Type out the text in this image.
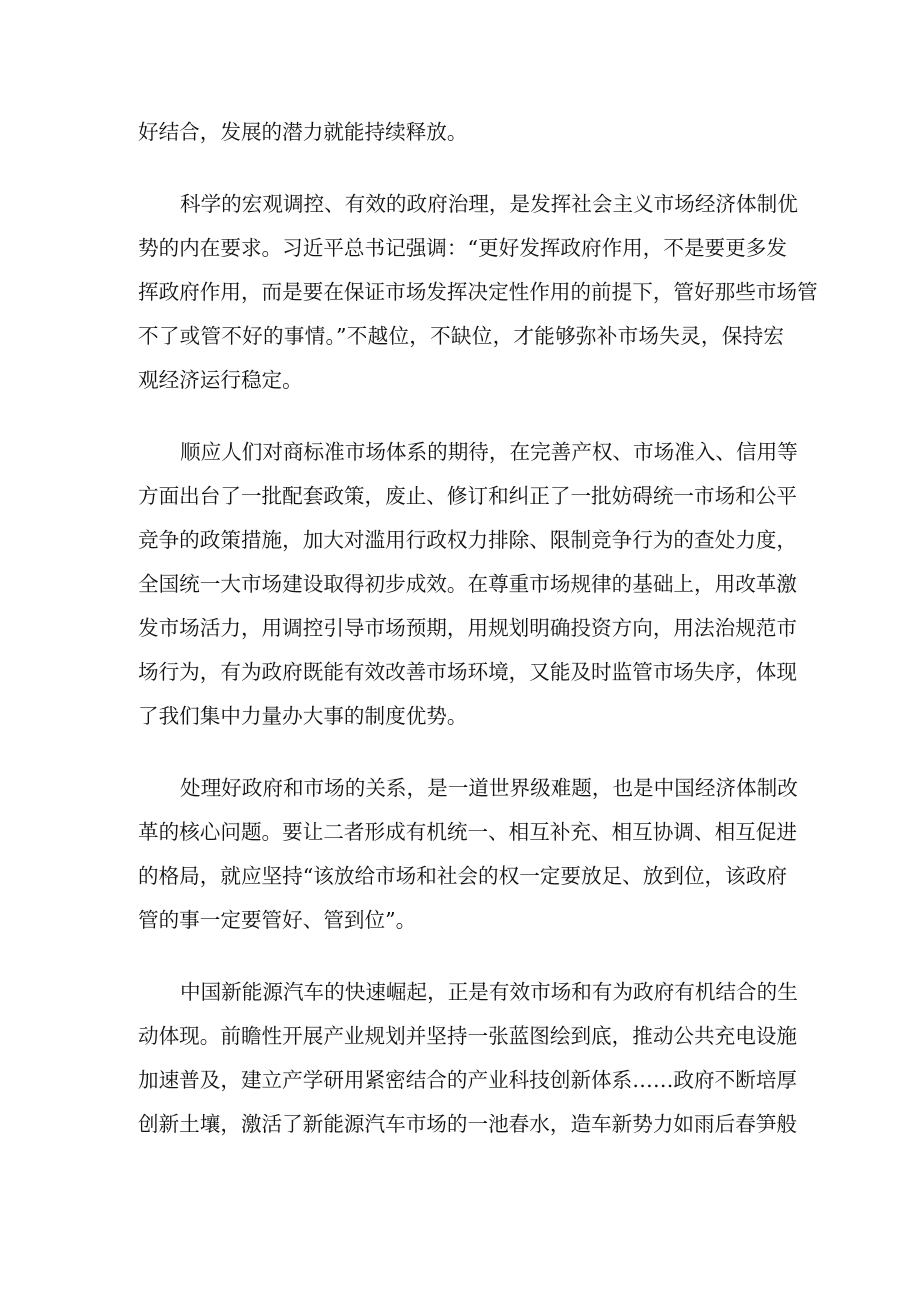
好结合，发展的潜力就能持续释放。
科学的宏观调控、有效的政府治理，是发挥社会主义市场经济体制优
势的内在要求。习近平总书记强调：“更好发挥政府作用，不是要更多发
挥政府作用，而是要在保证市场发挥决定性作用的前提下，管好那些市场管
不了或管不好的事情。”不越位，不缺位，才能够弥补市场失灵，保持宏
观经济运行稳定。
顺应人们对商标准市场体系的期待，在完善产权、市场准入、信用等
方面出台了一批配套政策，废止、修订和纠正了一批妨碍统一市场和公平
竞争的政策措施，加大对滥用行政权力排除、限制竞争行为的查处力度，
全国统一大市场建设取得初步成效。在尊重市场规律的基础上，用改革激
发市场活力，用调控引导市场预期，用规划明确投资方向，用法治规范市
场行为，有为政府既能有效改善市场环境，又能及时监管市场失序，体现
了我们集中力量办大事的制度优势。
处理好政府和市场的关系，是一道世界级难题，也是中国经济体制改
革的核心问题。要让二者形成有机统一、相互补充、相互协调、相互促进
的格局，就应坚持“该放给市场和社会的权一定要放足、放到位，该政府
管的事一定要管好、管到位”。
中国新能源汽车的快速崛起，正是有效市场和有为政府有机结合的生
动体现。前瞻性开展产业规划并坚持一张蓝图绘到底，推动公共充电设施
加速普及，建立产学研用紧密结合的产业科技创新体系……政府不断培厚
创新土壤，激活了新能源汽车市场的一池春水，造车新势力如雨后春笋般
